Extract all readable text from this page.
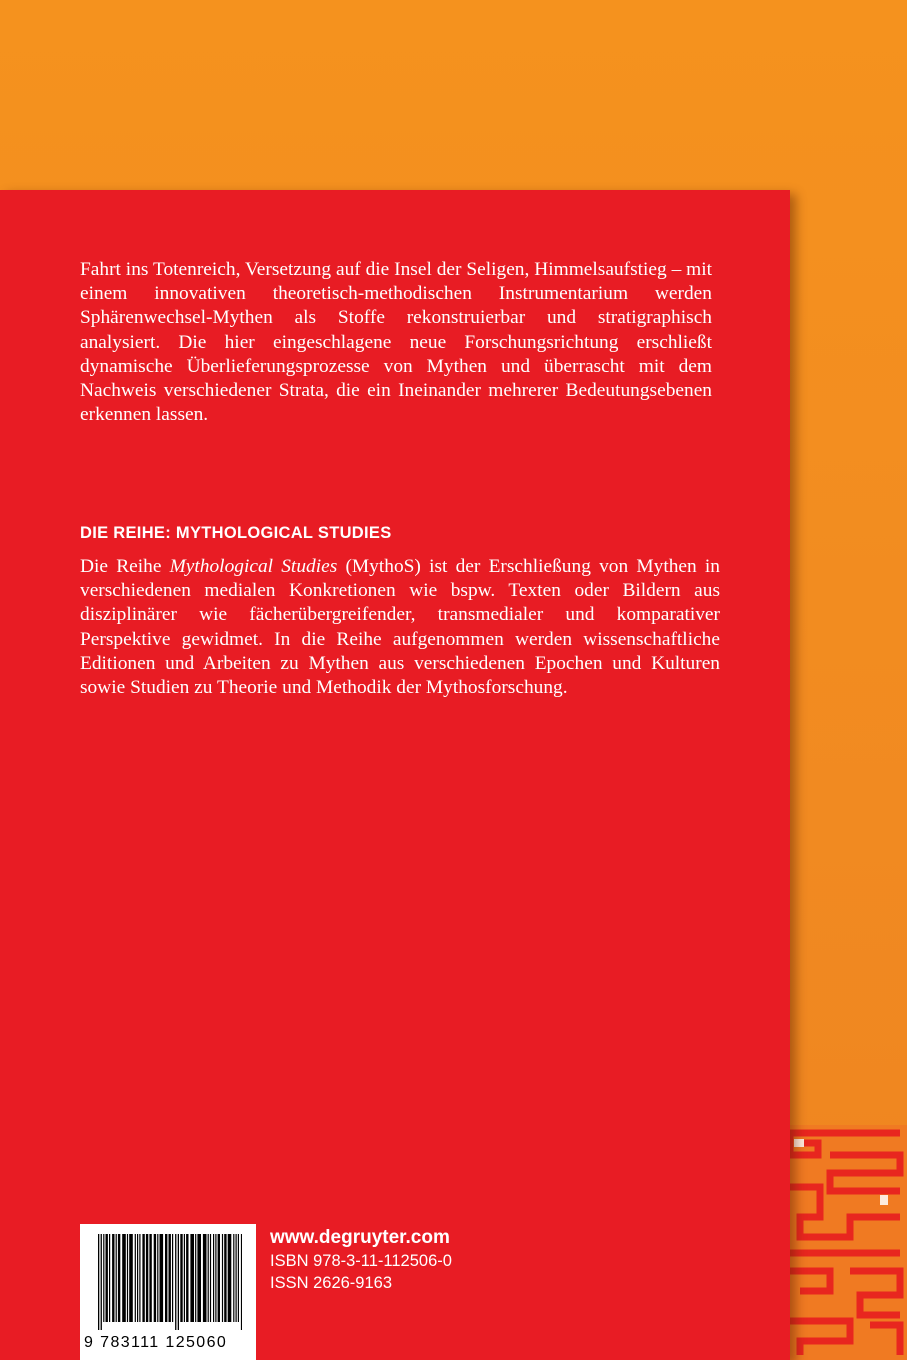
Fahrt ins Totenreich, Versetzung auf die Insel der Seligen, Himmelsaufstieg – mit einem innovativen theoretisch-methodischen Instrumentarium werden Sphärenwechsel-Mythen als Stoffe rekonstruierbar und stratigraphisch analysiert. Die hier eingeschlagene neue Forschungsrichtung erschließt dynamische Überlieferungsprozesse von Mythen und überrascht mit dem Nachweis verschiedener Strata, die ein Ineinander mehrerer Bedeutungsebenen erkennen lassen.

DIE REIHE: MYTHOLOGICAL STUDIES

Die Reihe Mythological Studies (MythoS) ist der Erschließung von Mythen in verschiedenen medialen Konkretionen wie bspw. Texten oder Bildern aus disziplinärer wie fächerübergreifender, transmedialer und komparativer Perspektive gewidmet. In die Reihe aufgenommen werden wissenschaftliche Editionen und Arbeiten zu Mythen aus verschiedenen Epochen und Kulturen sowie Studien zu Theorie und Methodik der Mythosforschung.

9 783111 125060
www.degruyter.com
ISBN 978-3-11-112506-0
ISSN 2626-9163
